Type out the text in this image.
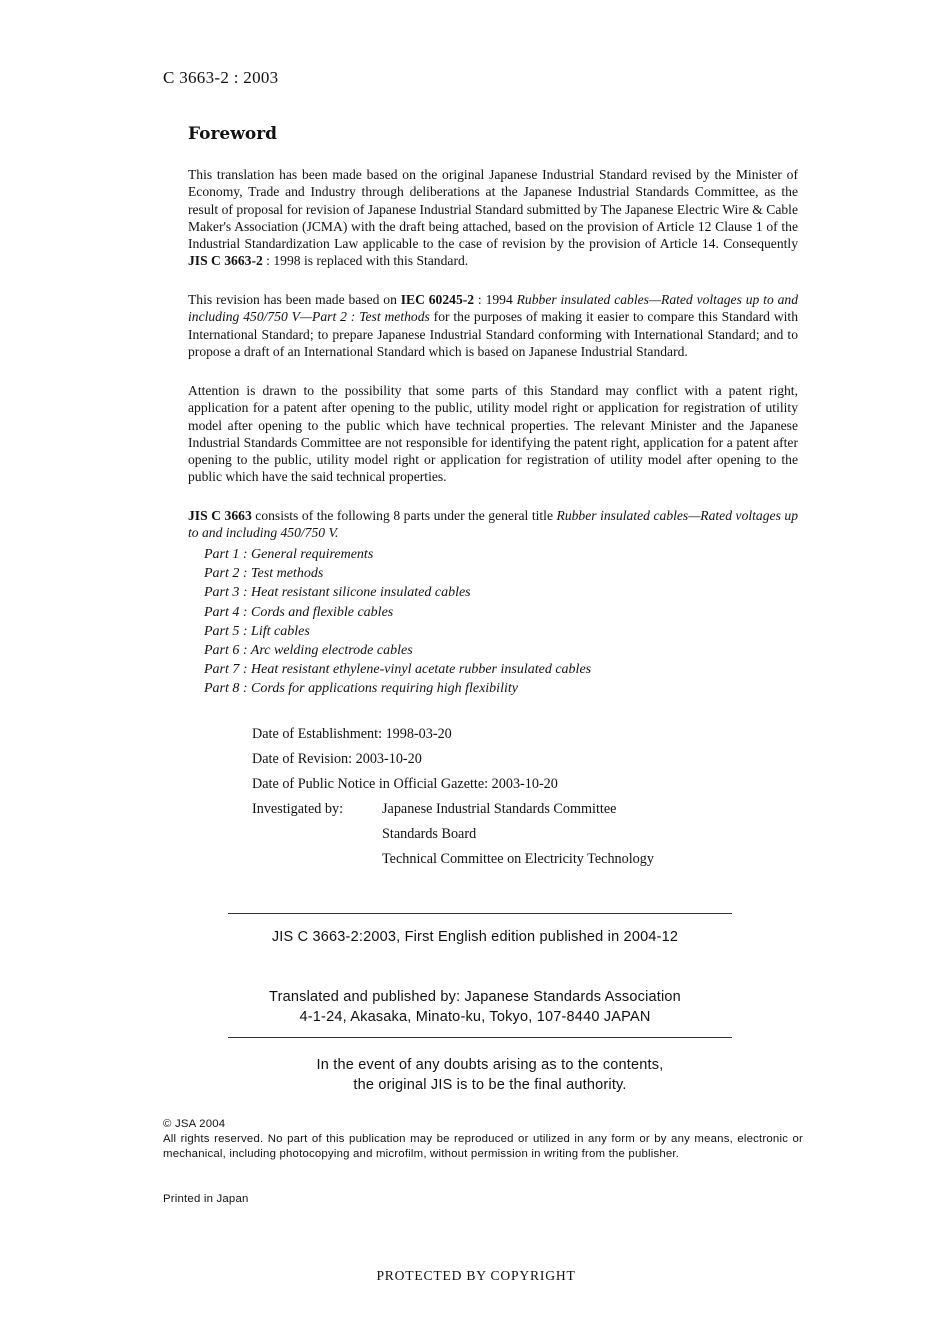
C 3663-2 : 2003
Foreword
This translation has been made based on the original Japanese Industrial Standard revised by the Minister of Economy, Trade and Industry through deliberations at the Japanese Industrial Standards Committee, as the result of proposal for revision of Japanese Industrial Standard submitted by The Japanese Electric Wire & Cable Maker's Association (JCMA) with the draft being attached, based on the provision of Article 12 Clause 1 of the Industrial Standardization Law applicable to the case of revision by the provision of Article 14. Consequently JIS C 3663-2 : 1998 is replaced with this Standard.
This revision has been made based on IEC 60245-2 : 1994 Rubber insulated cables—Rated voltages up to and including 450/750 V—Part 2 : Test methods for the purposes of making it easier to compare this Standard with International Standard; to prepare Japanese Industrial Standard conforming with International Standard; and to propose a draft of an International Standard which is based on Japanese Industrial Standard.
Attention is drawn to the possibility that some parts of this Standard may conflict with a patent right, application for a patent after opening to the public, utility model right or application for registration of utility model after opening to the public which have technical properties. The relevant Minister and the Japanese Industrial Standards Committee are not responsible for identifying the patent right, application for a patent after opening to the public, utility model right or application for registration of utility model after opening to the public which have the said technical properties.
JIS C 3663 consists of the following 8 parts under the general title Rubber insulated cables—Rated voltages up to and including 450/750 V.
Part 1 : General requirements
Part 2 : Test methods
Part 3 : Heat resistant silicone insulated cables
Part 4 : Cords and flexible cables
Part 5 : Lift cables
Part 6 : Arc welding electrode cables
Part 7 : Heat resistant ethylene-vinyl acetate rubber insulated cables
Part 8 : Cords for applications requiring high flexibility
Date of Establishment: 1998-03-20
Date of Revision: 2003-10-20
Date of Public Notice in Official Gazette: 2003-10-20
Investigated by:	Japanese Industrial Standards Committee
Standards Board
Technical Committee on Electricity Technology
JIS C 3663-2:2003, First English edition published in 2004-12
Translated and published by: Japanese Standards Association
4-1-24, Akasaka, Minato-ku, Tokyo, 107-8440 JAPAN
In the event of any doubts arising as to the contents,
the original JIS is to be the final authority.
© JSA 2004
All rights reserved. No part of this publication may be reproduced or utilized in any form or by any means, electronic or mechanical, including photocopying and microfilm, without permission in writing from the publisher.
Printed in Japan
PROTECTED BY COPYRIGHT
